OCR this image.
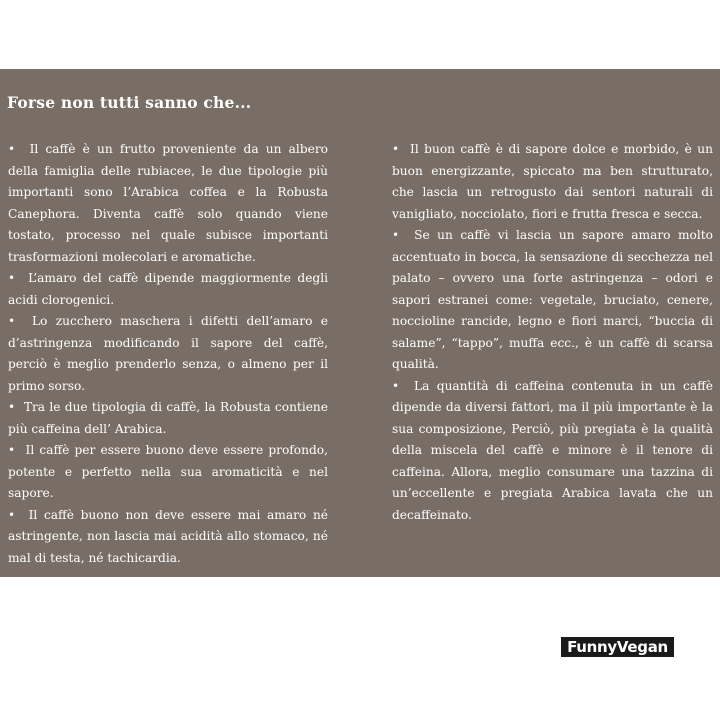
Forse non tutti sanno che...
•  Il caffè è un frutto proveniente da un albero della famiglia delle rubiacee, le due tipologie più importanti sono l’Arabica coffea e la Robusta Canephora. Diventa caffè solo quando viene tostato, processo nel quale subisce importanti trasformazioni molecolari e aromatiche.
•  L’amaro del caffè dipende maggiormente degli acidi clorogenici.
•  Lo zucchero maschera i difetti dell’amaro e d’astringenza modificando il sapore del caffè, perciò è meglio prenderlo senza, o almeno per il primo sorso.
•  Tra le due tipologia di caffè, la Robusta contiene più caffeina dell’ Arabica.
•  Il caffè per essere buono deve essere profondo, potente e perfetto nella sua aromaticità e nel sapore.
•  Il caffè buono non deve essere mai amaro né astringente, non lascia mai acidità allo stomaco, né mal di testa, né tachicardia.
•  Il buon caffè è di sapore dolce e morbido, è un buon energizzante, spiccato ma ben strutturato, che lascia un retrogusto dai sentori naturali di vanigliato, nocciolato, fiori e frutta fresca e secca.
•  Se un caffè vi lascia un sapore amaro molto accentuato in bocca, la sensazione di secchezza nel palato – ovvero una forte astringenza – odori e sapori estranei come: vegetale, bruciato, cenere, noccioline rancide, legno e fiori marci, “buccia di salame”, “tappo”, muffa ecc., è un caffè di scarsa qualità.
•  La quantità di caffeina contenuta in un caffè dipende da diversi fattori, ma il più importante è la sua composizione, Perciò, più pregiata è la qualità della miscela del caffè e minore è il tenore di caffeina. Allora, meglio consumare una tazzina di un’eccellente e pregiata Arabica lavata che un decaffeinato.
FunnyVegan
